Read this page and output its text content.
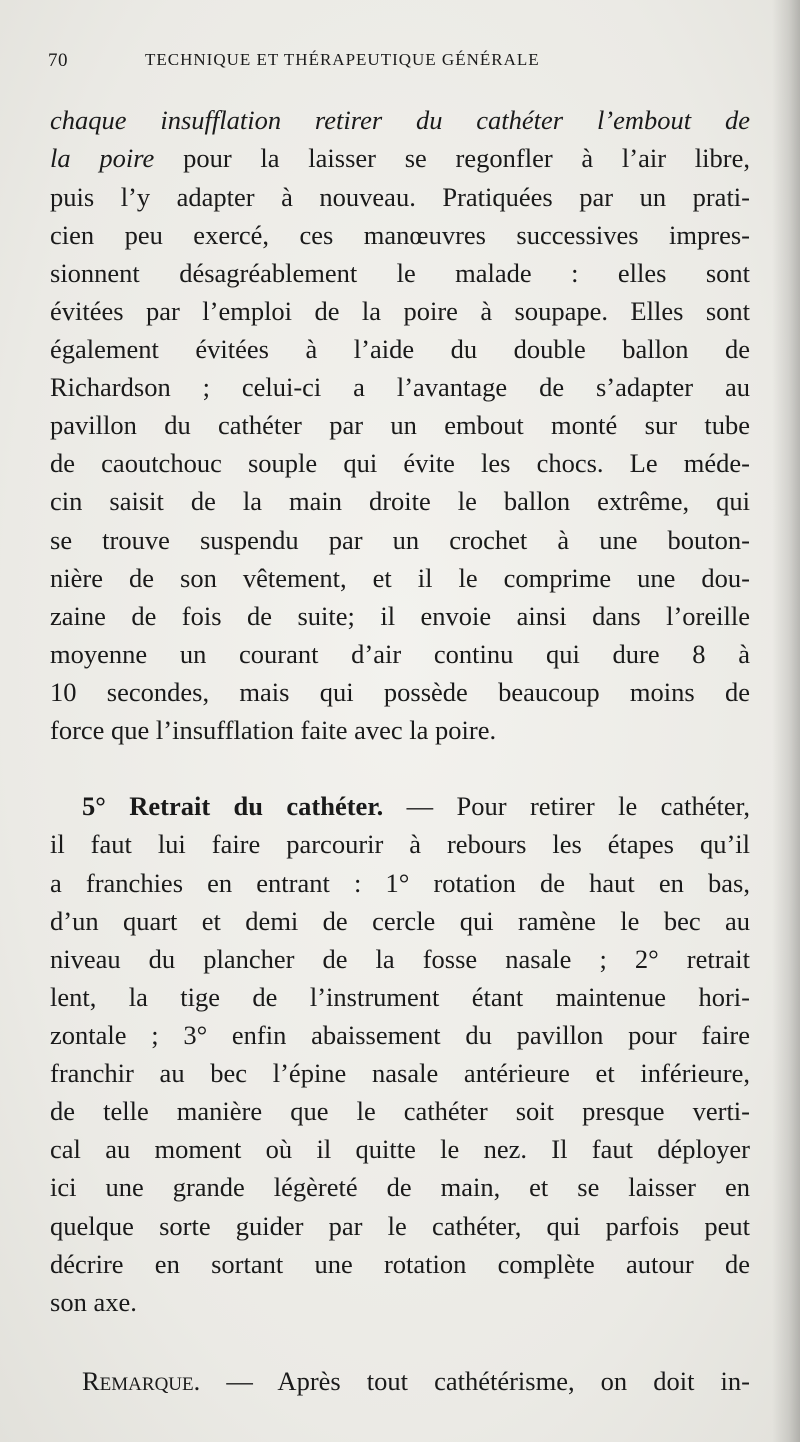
70	TECHNIQUE ET THÉRAPEUTIQUE GÉNÉRALE
chaque insufflation retirer du cathéter l’embout de
la poire pour la laisser se regonfler à l’air libre,
puis l’y adapter à nouveau. Pratiquées par un prati-
cien peu exercé, ces manœuvres successives impres-
sionnent désagréablement le malade : elles sont
évitées par l’emploi de la poire à soupape. Elles sont
également évitées à l’aide du double ballon de
Richardson ; celui-ci a l’avantage de s’adapter au
pavillon du cathéter par un embout monté sur tube
de caoutchouc souple qui évite les chocs. Le méde-
cin saisit de la main droite le ballon extrême, qui
se trouve suspendu par un crochet à une bouton-
nière de son vêtement, et il le comprime une dou-
zaine de fois de suite; il envoie ainsi dans l’oreille
moyenne un courant d’air continu qui dure 8 à
10 secondes, mais qui possède beaucoup moins de
force que l’insufflation faite avec la poire.
5° Retrait du cathéter. — Pour retirer le cathéter,
il faut lui faire parcourir à rebours les étapes qu’il
a franchies en entrant : 1° rotation de haut en bas,
d’un quart et demi de cercle qui ramène le bec au
niveau du plancher de la fosse nasale ; 2° retrait
lent, la tige de l’instrument étant maintenue hori-
zontale ; 3° enfin abaissement du pavillon pour faire
franchir au bec l’épine nasale antérieure et inférieure,
de telle manière que le cathéter soit presque verti-
cal au moment où il quitte le nez. Il faut déployer
ici une grande légèreté de main, et se laisser en
quelque sorte guider par le cathéter, qui parfois peut
décrire en sortant une rotation complète autour de
son axe.
Remarque. — Après tout cathétérisme, on doit in-
